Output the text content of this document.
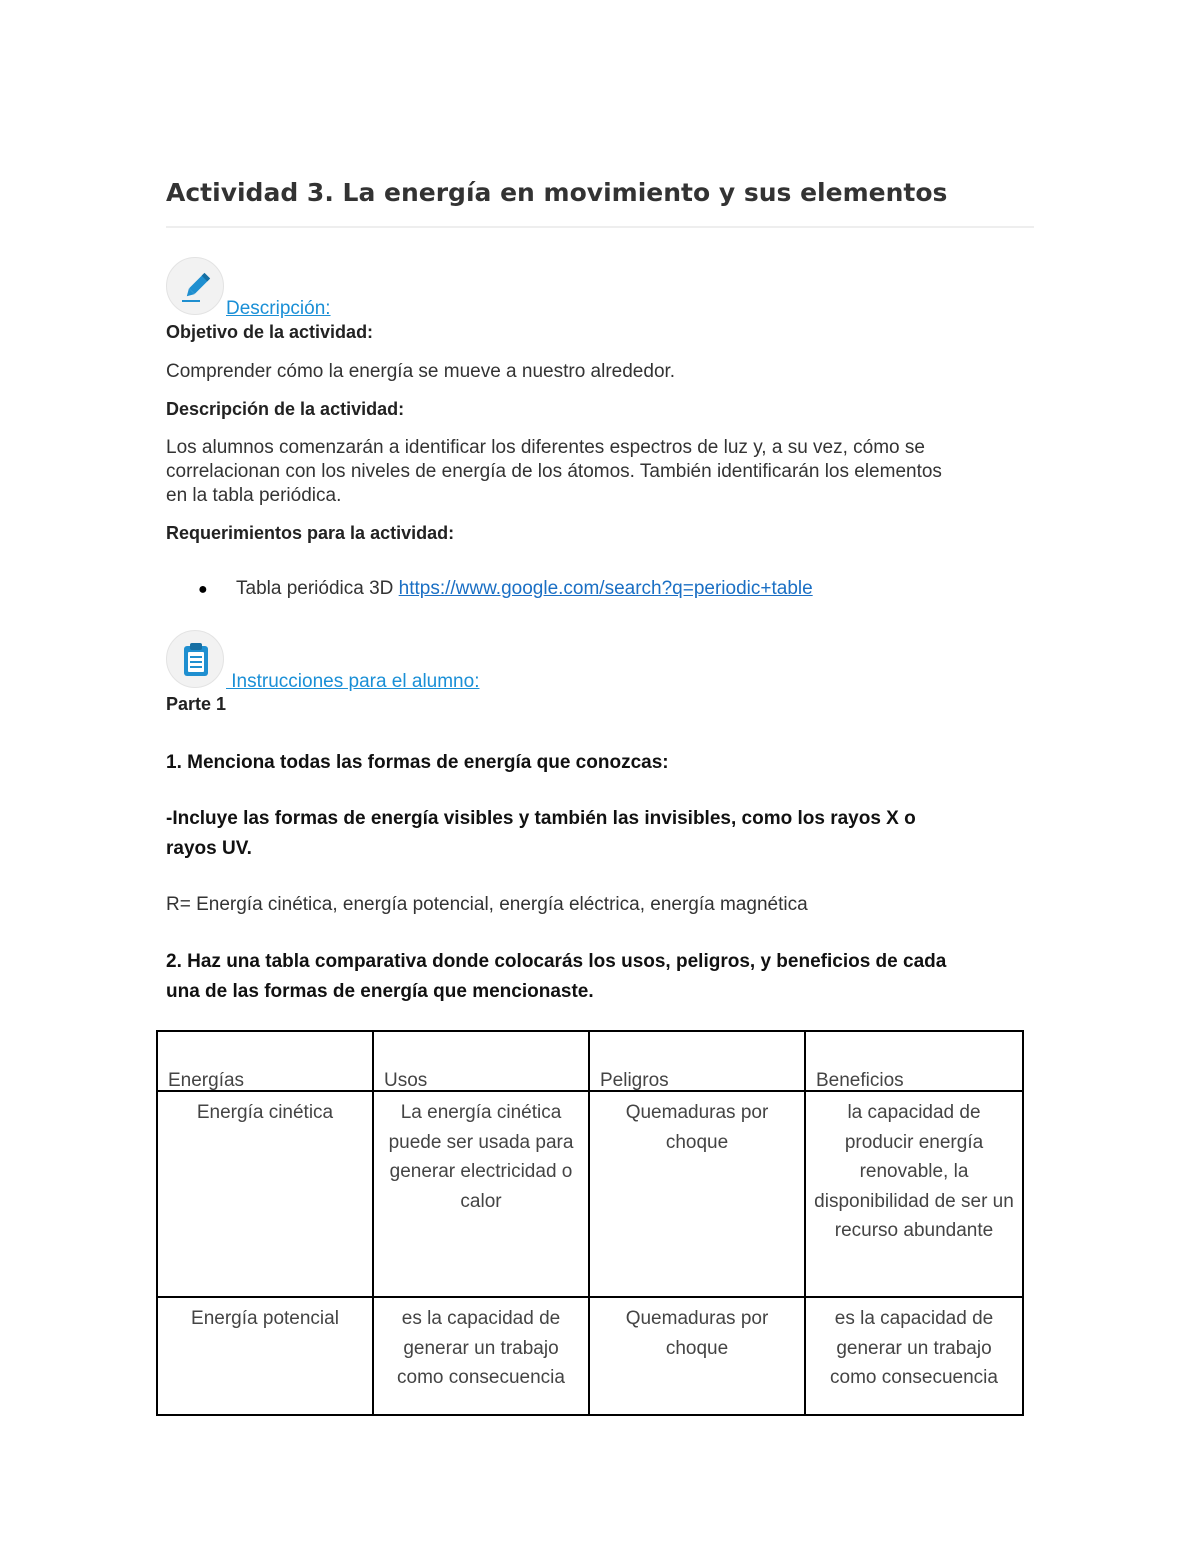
Actividad 3. La energía en movimiento y sus elementos
Descripción:
Objetivo de la actividad:
Comprender cómo la energía se mueve a nuestro alrededor.
Descripción de la actividad:
Los alumnos comenzarán a identificar los diferentes espectros de luz y, a su vez, cómo se
correlacionan con los niveles de energía de los átomos. También identificarán los elementos
en la tabla periódica.
Requerimientos para la actividad:
● Tabla periódica 3D https://www.google.com/search?q=periodic+table
Instrucciones para el alumno:
Parte 1
1. Menciona todas las formas de energía que conozcas:
-Incluye las formas de energía visibles y también las invisibles, como los rayos X o
rayos UV.
R= Energía cinética, energía potencial, energía eléctrica, energía magnética
2. Haz una tabla comparativa donde colocarás los usos, peligros, y beneficios de cada
una de las formas de energía que mencionaste.
Energías	Usos	Peligros	Beneficios

Energía cinética	La energía cinética puede ser usada para generar electricidad o calor	Quemaduras por choque	la capacidad de producir energía renovable, la disponibilidad de ser un recurso abundante
Energía potencial	es la capacidad de generar un trabajo como consecuencia	Quemaduras por choque	es la capacidad de generar un trabajo como consecuencia
